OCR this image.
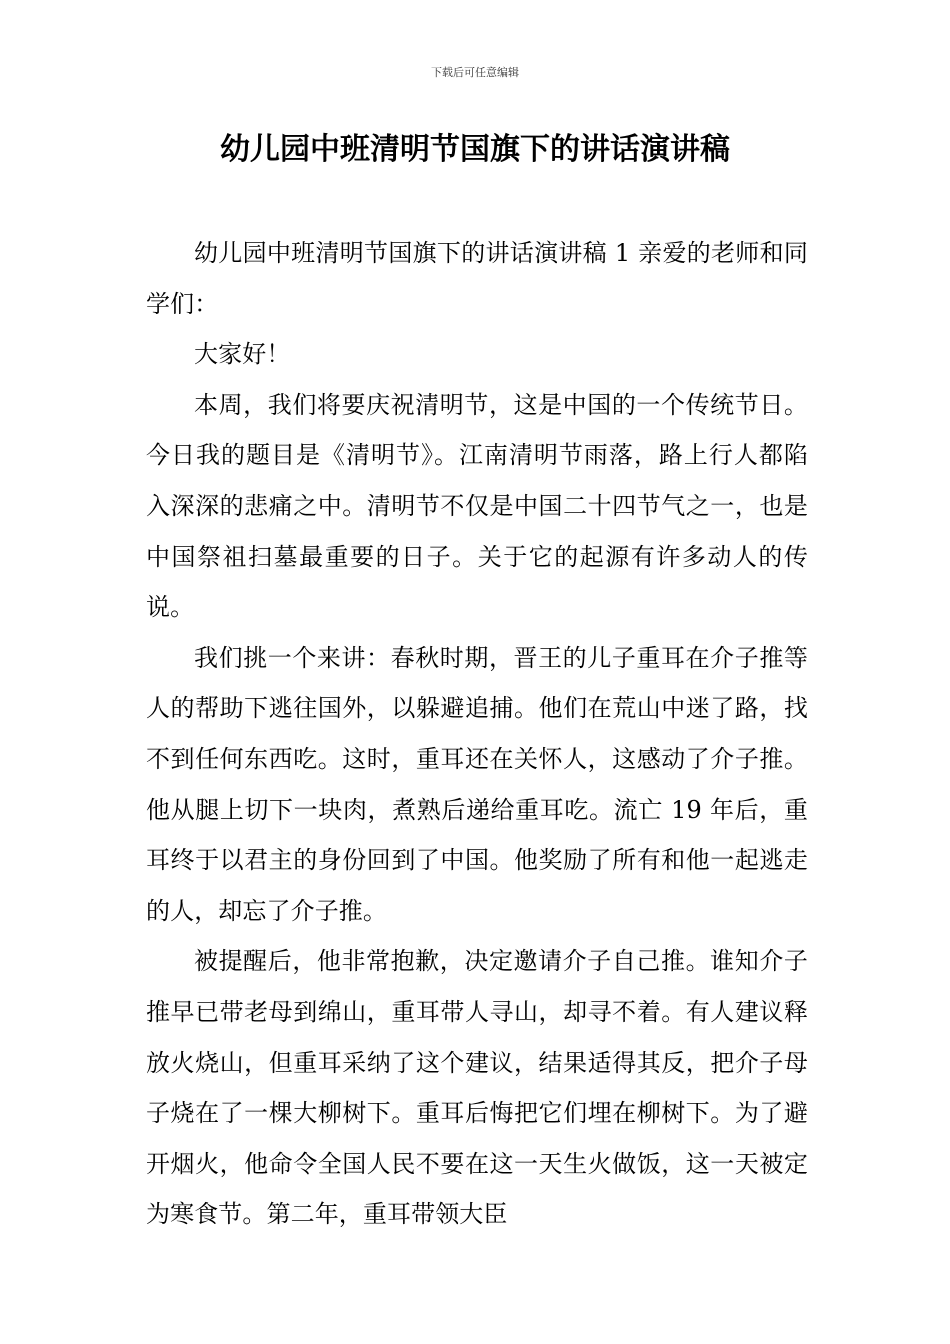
下载后可任意编辑
幼儿园中班清明节国旗下的讲话演讲稿

幼儿园中班清明节国旗下的讲话演讲稿 1 亲爱的老师和同学们：

大家好！

本周，我们将要庆祝清明节，这是中国的一个传统节日。今日我的题目是《清明节》。江南清明节雨落，路上行人都陷入深深的悲痛之中。清明节不仅是中国二十四节气之一，也是中国祭祖扫墓最重要的日子。关于它的起源有许多动人的传说。

我们挑一个来讲：春秋时期，晋王的儿子重耳在介子推等人的帮助下逃往国外，以躲避追捕。他们在荒山中迷了路，找不到任何东西吃。这时，重耳还在关怀人，这感动了介子推。他从腿上切下一块肉，煮熟后递给重耳吃。流亡 19 年后，重耳终于以君主的身份回到了中国。他奖励了所有和他一起逃走的人，却忘了介子推。

被提醒后，他非常抱歉，决定邀请介子自己推。谁知介子推早已带老母到绵山，重耳带人寻山，却寻不着。有人建议释放火烧山，但重耳采纳了这个建议，结果适得其反，把介子母子烧在了一棵大柳树下。重耳后悔把它们埋在柳树下。为了避开烟火，他命令全国人民不要在这一天生火做饭，这一天被定为寒食节。第二年，重耳带领大臣
